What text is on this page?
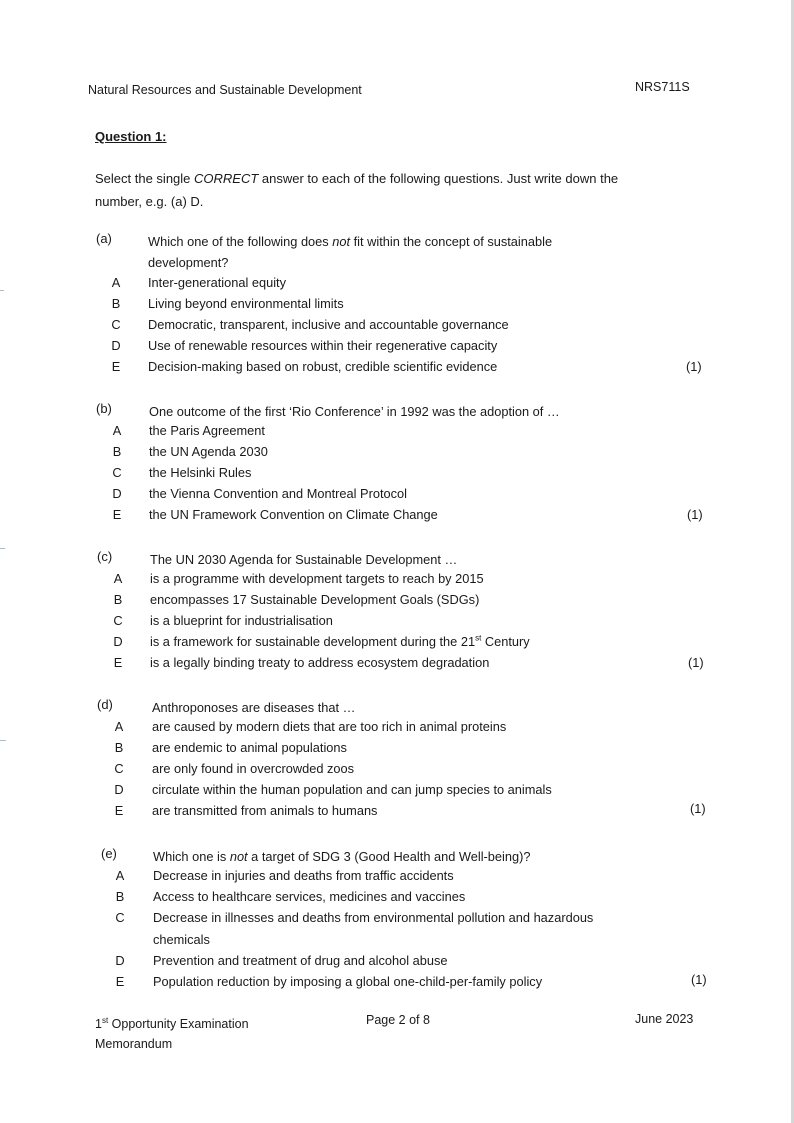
Natural Resources and Sustainable Development	NRS711S
Question 1:
Select the single CORRECT answer to each of the following questions. Just write down the number, e.g. (a) D.
(a)	Which one of the following does not fit within the concept of sustainable development?
A Inter-generational equity
B Living beyond environmental limits
C Democratic, transparent, inclusive and accountable governance
D Use of renewable resources within their regenerative capacity
E Decision-making based on robust, credible scientific evidence	(1)
(b)	One outcome of the first ‘Rio Conference’ in 1992 was the adoption of …
A the Paris Agreement
B the UN Agenda 2030
C the Helsinki Rules
D the Vienna Convention and Montreal Protocol
E the UN Framework Convention on Climate Change	(1)
(c)	The UN 2030 Agenda for Sustainable Development …
A is a programme with development targets to reach by 2015
B encompasses 17 Sustainable Development Goals (SDGs)
C is a blueprint for industrialisation
D is a framework for sustainable development during the 21st Century
E is a legally binding treaty to address ecosystem degradation	(1)
(d)	Anthroponoses are diseases that …
A are caused by modern diets that are too rich in animal proteins
B are endemic to animal populations
C are only found in overcrowded zoos
D circulate within the human population and can jump species to animals
E are transmitted from animals to humans	(1)
(e)	Which one is not a target of SDG 3 (Good Health and Well-being)?
A Decrease in injuries and deaths from traffic accidents
B Access to healthcare services, medicines and vaccines
C Decrease in illnesses and deaths from environmental pollution and hazardous chemicals
D Prevention and treatment of drug and alcohol abuse
E Population reduction by imposing a global one-child-per-family policy	(1)
1st Opportunity Examination
Memorandum
Page 2 of 8	June 2023
